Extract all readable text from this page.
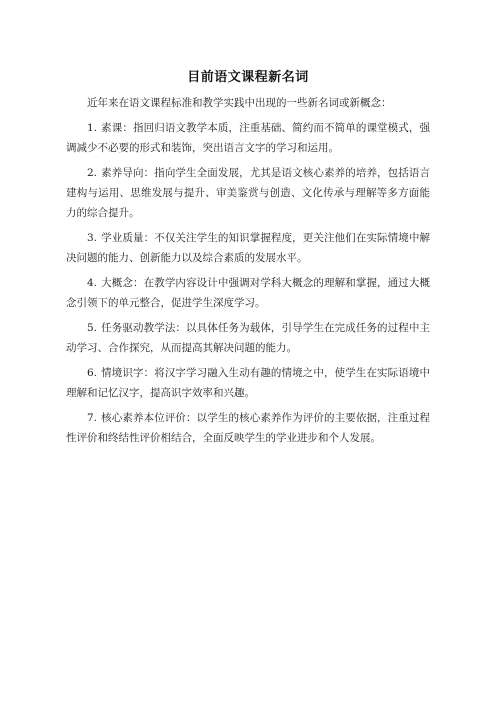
目前语文课程新名词

近年来在语文课程标准和教学实践中出现的一些新名词或新概念：

1. 素课：指回归语文教学本质，注重基础、简约而不简单的课堂模式，强调减少不必要的形式和装饰，突出语言文字的学习和运用。

2. 素养导向：指向学生全面发展，尤其是语文核心素养的培养，包括语言建构与运用、思维发展与提升、审美鉴赏与创造、文化传承与理解等多方面能力的综合提升。

3. 学业质量：不仅关注学生的知识掌握程度，更关注他们在实际情境中解决问题的能力、创新能力以及综合素质的发展水平。

4. 大概念：在教学内容设计中强调对学科大概念的理解和掌握，通过大概念引领下的单元整合，促进学生深度学习。

5. 任务驱动教学法：以具体任务为载体，引导学生在完成任务的过程中主动学习、合作探究，从而提高其解决问题的能力。

6. 情境识字：将汉字学习融入生动有趣的情境之中，使学生在实际语境中理解和记忆汉字，提高识字效率和兴趣。

7. 核心素养本位评价：以学生的核心素养作为评价的主要依据，注重过程性评价和终结性评价相结合，全面反映学生的学业进步和个人发展。
